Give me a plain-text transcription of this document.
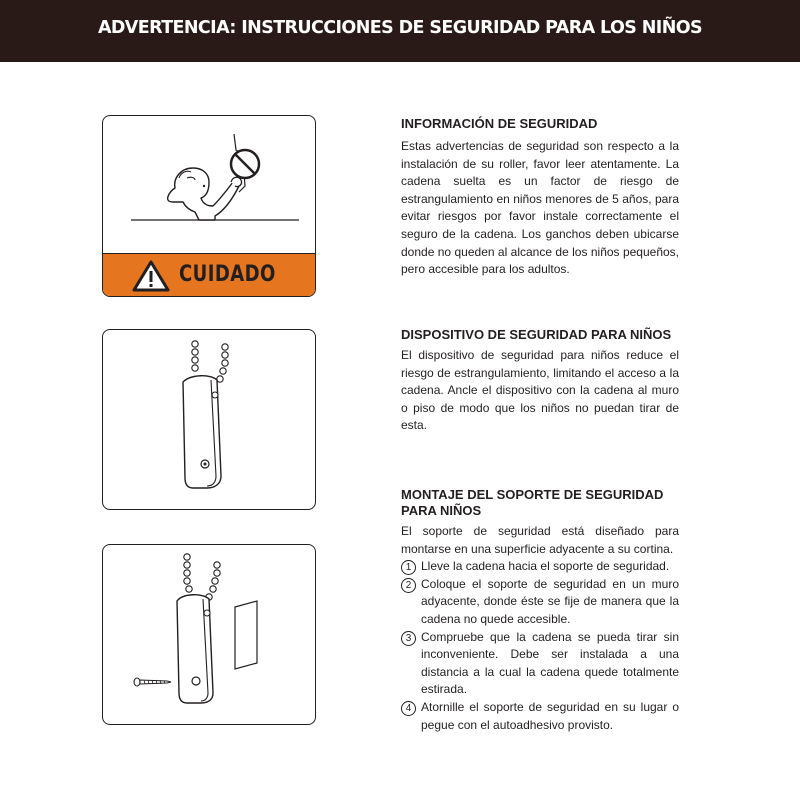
ADVERTENCIA: INSTRUCCIONES DE SEGURIDAD PARA LOS NIÑOS
CUIDADO
INFORMACIÓN DE SEGURIDAD

Estas advertencias de seguridad son respecto a la instalación de su roller, favor leer atentamente. La cadena suelta es un factor de riesgo de estrangulamiento en niños menores de 5 años, para evitar riesgos por favor instale correctamente el seguro de la cadena. Los ganchos deben ubicarse donde no queden al alcance de los niños pequeños, pero accesible para los adultos.

DISPOSITIVO DE SEGURIDAD PARA NIÑOS

El dispositivo de seguridad para niños reduce el riesgo de estrangulamiento, limitando el acceso a la cadena. Ancle el dispositivo con la cadena al muro o piso de modo que los niños no puedan tirar de esta.

MONTAJE DEL SOPORTE DE SEGURIDAD PARA NIÑOS

El soporte de seguridad está diseñado para montarse en una superficie adyacente a su cortina.

1 Lleve la cadena hacia el soporte de seguridad.
2 Coloque el soporte de seguridad en un muro adyacente, donde éste se fije de manera que la cadena no quede accesible.
3 Compruebe que la cadena se pueda tirar sin inconveniente. Debe ser instalada a una distancia a la cual la cadena quede totalmente estirada.
4 Atornille el soporte de seguridad en su lugar o pegue con el autoadhesivo provisto.
